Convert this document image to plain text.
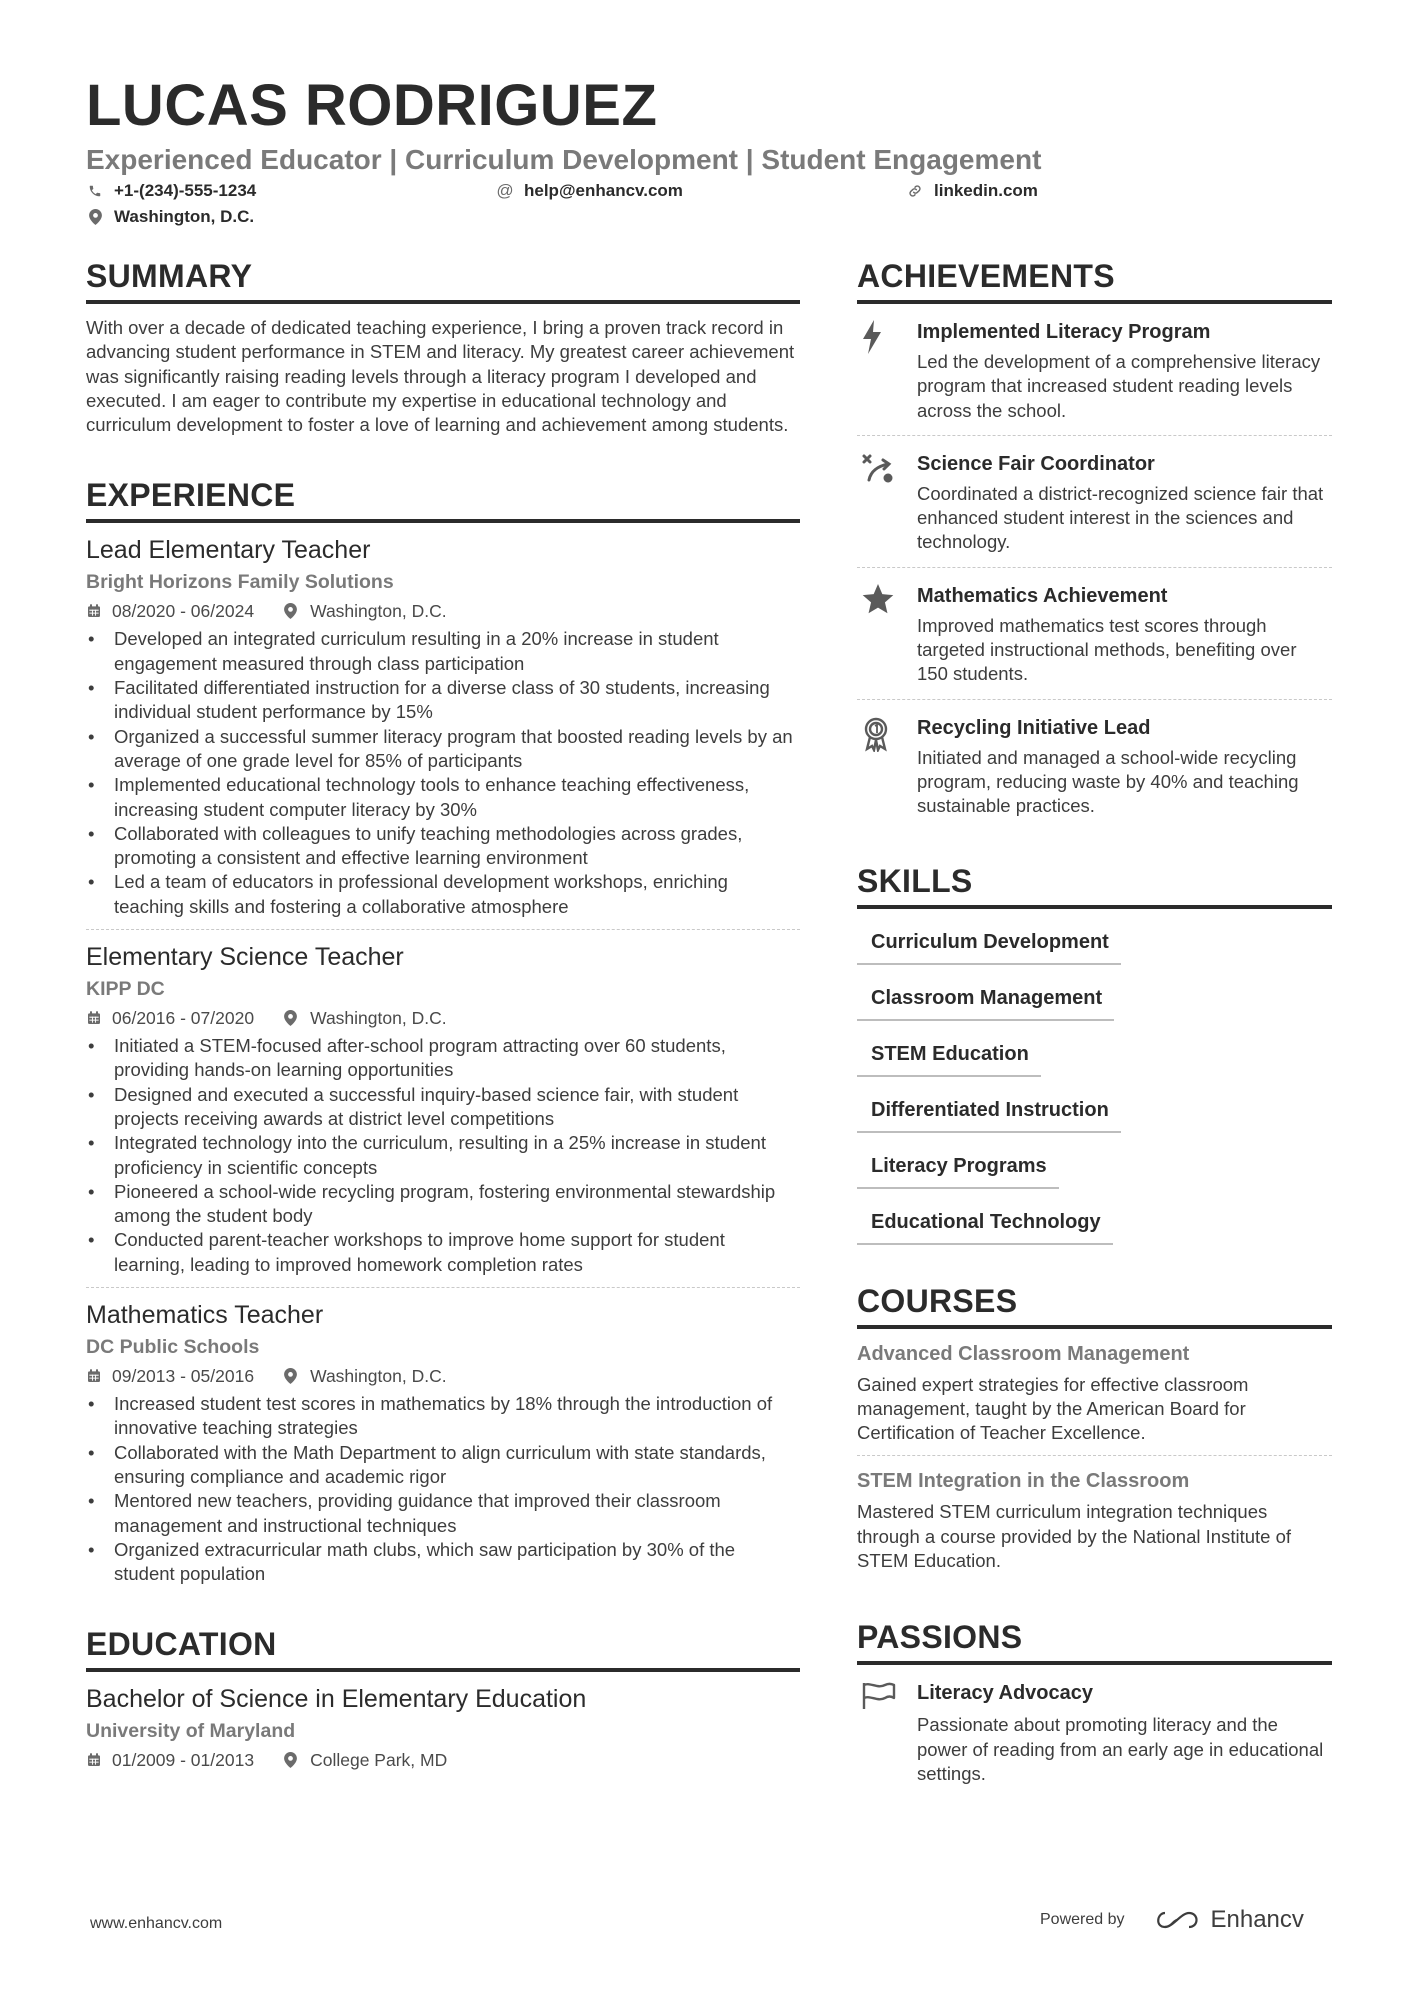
LUCAS RODRIGUEZ
Experienced Educator | Curriculum Development | Student Engagement
+1-(234)-555-1234	@ help@enhancv.com	linkedin.com
Washington, D.C.
SUMMARY

With over a decade of dedicated teaching experience, I bring a proven track record in advancing student performance in STEM and literacy. My greatest career achievement was significantly raising reading levels through a literacy program I developed and executed. I am eager to contribute my expertise in educational technology and curriculum development to foster a love of learning and achievement among students.

EXPERIENCE
Lead Elementary Teacher
Bright Horizons Family Solutions
08/2020 - 06/2024	Washington, D.C.
• Developed an integrated curriculum resulting in a 20% increase in student engagement measured through class participation
• Facilitated differentiated instruction for a diverse class of 30 students, increasing individual student performance by 15%
• Organized a successful summer literacy program that boosted reading levels by an average of one grade level for 85% of participants
• Implemented educational technology tools to enhance teaching effectiveness, increasing student computer literacy by 30%
• Collaborated with colleagues to unify teaching methodologies across grades, promoting a consistent and effective learning environment
• Led a team of educators in professional development workshops, enriching teaching skills and fostering a collaborative atmosphere
Elementary Science Teacher
KIPP DC
06/2016 - 07/2020	Washington, D.C.
• Initiated a STEM-focused after-school program attracting over 60 students, providing hands-on learning opportunities
• Designed and executed a successful inquiry-based science fair, with student projects receiving awards at district level competitions
• Integrated technology into the curriculum, resulting in a 25% increase in student proficiency in scientific concepts
• Pioneered a school-wide recycling program, fostering environmental stewardship among the student body
• Conducted parent-teacher workshops to improve home support for student learning, leading to improved homework completion rates
Mathematics Teacher
DC Public Schools
09/2013 - 05/2016	Washington, D.C.
• Increased student test scores in mathematics by 18% through the introduction of innovative teaching strategies
• Collaborated with the Math Department to align curriculum with state standards, ensuring compliance and academic rigor
• Mentored new teachers, providing guidance that improved their classroom management and instructional techniques
• Organized extracurricular math clubs, which saw participation by 30% of the student population
EDUCATION
Bachelor of Science in Elementary Education
University of Maryland
01/2009 - 01/2013	College Park, MD
ACHIEVEMENTS
Implemented Literacy Program
Led the development of a comprehensive literacy program that increased student reading levels across the school.
Science Fair Coordinator
Coordinated a district-recognized science fair that enhanced student interest in the sciences and technology.
Mathematics Achievement
Improved mathematics test scores through targeted instructional methods, benefiting over 150 students.
Recycling Initiative Lead
Initiated and managed a school-wide recycling program, reducing waste by 40% and teaching sustainable practices.
SKILLS
Curriculum Development
Classroom Management
STEM Education
Differentiated Instruction
Literacy Programs
Educational Technology
COURSES
Advanced Classroom Management
Gained expert strategies for effective classroom management, taught by the American Board for Certification of Teacher Excellence.
STEM Integration in the Classroom
Mastered STEM curriculum integration techniques through a course provided by the National Institute of STEM Education.
PASSIONS
Literacy Advocacy
Passionate about promoting literacy and the power of reading from an early age in educational settings.
www.enhancv.com	Powered by	Enhancv
